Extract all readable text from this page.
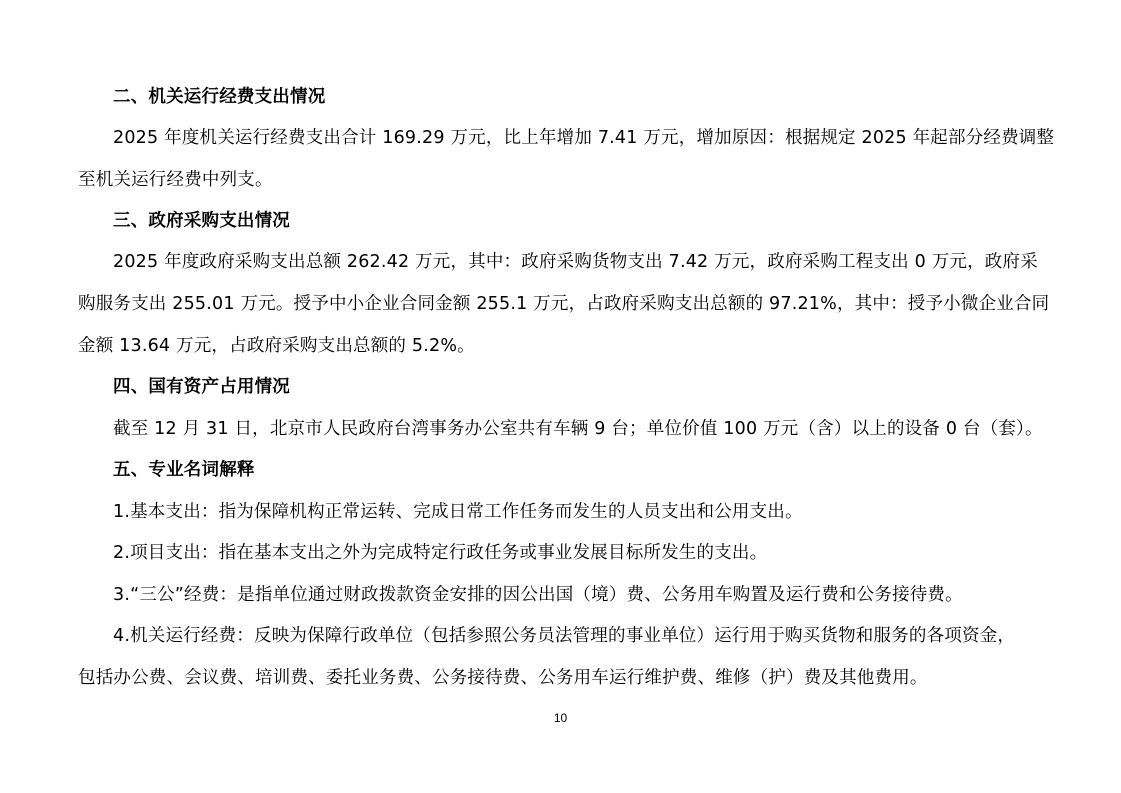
二、机关运行经费支出情况
2025 年度机关运行经费支出合计 169.29 万元，比上年增加 7.41 万元，增加原因：根据规定 2025 年起部分经费调整
至机关运行经费中列支。
三、政府采购支出情况
2025 年度政府采购支出总额 262.42 万元，其中：政府采购货物支出 7.42 万元，政府采购工程支出 0 万元，政府采
购服务支出 255.01 万元。授予中小企业合同金额 255.1 万元，占政府采购支出总额的 97.21%，其中：授予小微企业合同
金额 13.64 万元，占政府采购支出总额的 5.2%。
四、国有资产占用情况
截至 12 月 31 日，北京市人民政府台湾事务办公室共有车辆 9 台；单位价值 100 万元（含）以上的设备 0 台（套）。
五、专业名词解释
1.基本支出：指为保障机构正常运转、完成日常工作任务而发生的人员支出和公用支出。
2.项目支出：指在基本支出之外为完成特定行政任务或事业发展目标所发生的支出。
3.“三公”经费：是指单位通过财政拨款资金安排的因公出国（境）费、公务用车购置及运行费和公务接待费。
4.机关运行经费：反映为保障行政单位（包括参照公务员法管理的事业单位）运行用于购买货物和服务的各项资金，
包括办公费、会议费、培训费、委托业务费、公务接待费、公务用车运行维护费、维修（护）费及其他费用。
10
